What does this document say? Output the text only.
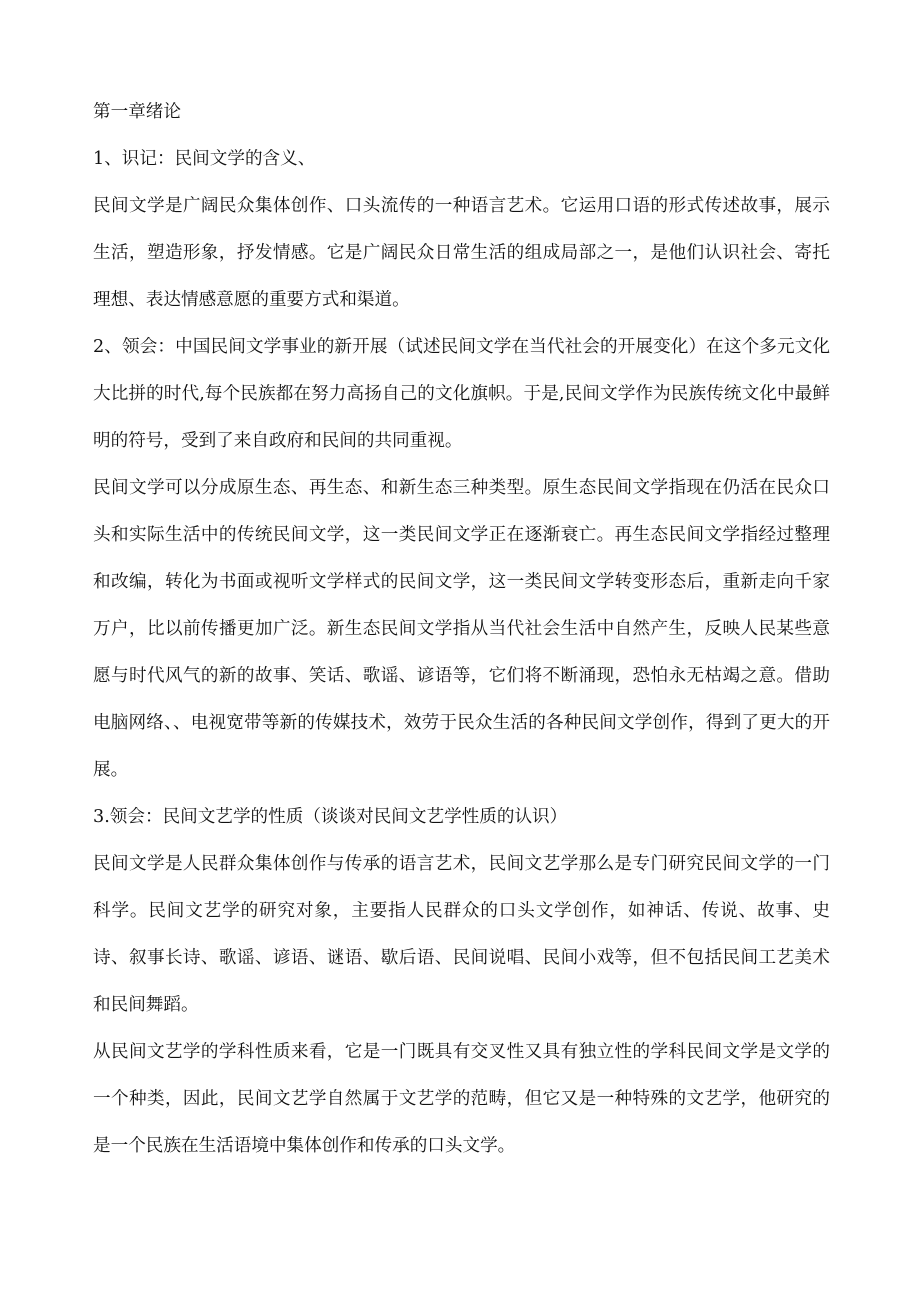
第一章绪论

1、识记：民间文学的含义、

民间文学是广阔民众集体创作、口头流传的一种语言艺术。它运用口语的形式传述故事，展示生活，塑造形象，抒发情感。它是广阔民众日常生活的组成局部之一，是他们认识社会、寄托理想、表达情感意愿的重要方式和渠道。

2、领会：中国民间文学事业的新开展（试述民间文学在当代社会的开展变化）在这个多元文化大比拼的时代,每个民族都在努力高扬自己的文化旗帜。于是,民间文学作为民族传统文化中最鲜明的符号，受到了来自政府和民间的共同重视。

民间文学可以分成原生态、再生态、和新生态三种类型。原生态民间文学指现在仍活在民众口头和实际生活中的传统民间文学，这一类民间文学正在逐渐衰亡。再生态民间文学指经过整理和改编，转化为书面或视听文学样式的民间文学，这一类民间文学转变形态后，重新走向千家万户，比以前传播更加广泛。新生态民间文学指从当代社会生活中自然产生，反映人民某些意愿与时代风气的新的故事、笑话、歌谣、谚语等，它们将不断涌现，恐怕永无枯竭之意。借助电脑网络、、电视宽带等新的传媒技术，效劳于民众生活的各种民间文学创作，得到了更大的开展。

3.领会：民间文艺学的性质（谈谈对民间文艺学性质的认识）

民间文学是人民群众集体创作与传承的语言艺术，民间文艺学那么是专门研究民间文学的一门科学。民间文艺学的研究对象，主要指人民群众的口头文学创作，如神话、传说、故事、史诗、叙事长诗、歌谣、谚语、谜语、歇后语、民间说唱、民间小戏等，但不包括民间工艺美术和民间舞蹈。

从民间文艺学的学科性质来看，它是一门既具有交叉性又具有独立性的学科民间文学是文学的一个种类，因此，民间文艺学自然属于文艺学的范畴，但它又是一种特殊的文艺学，他研究的是一个民族在生活语境中集体创作和传承的口头文学。
